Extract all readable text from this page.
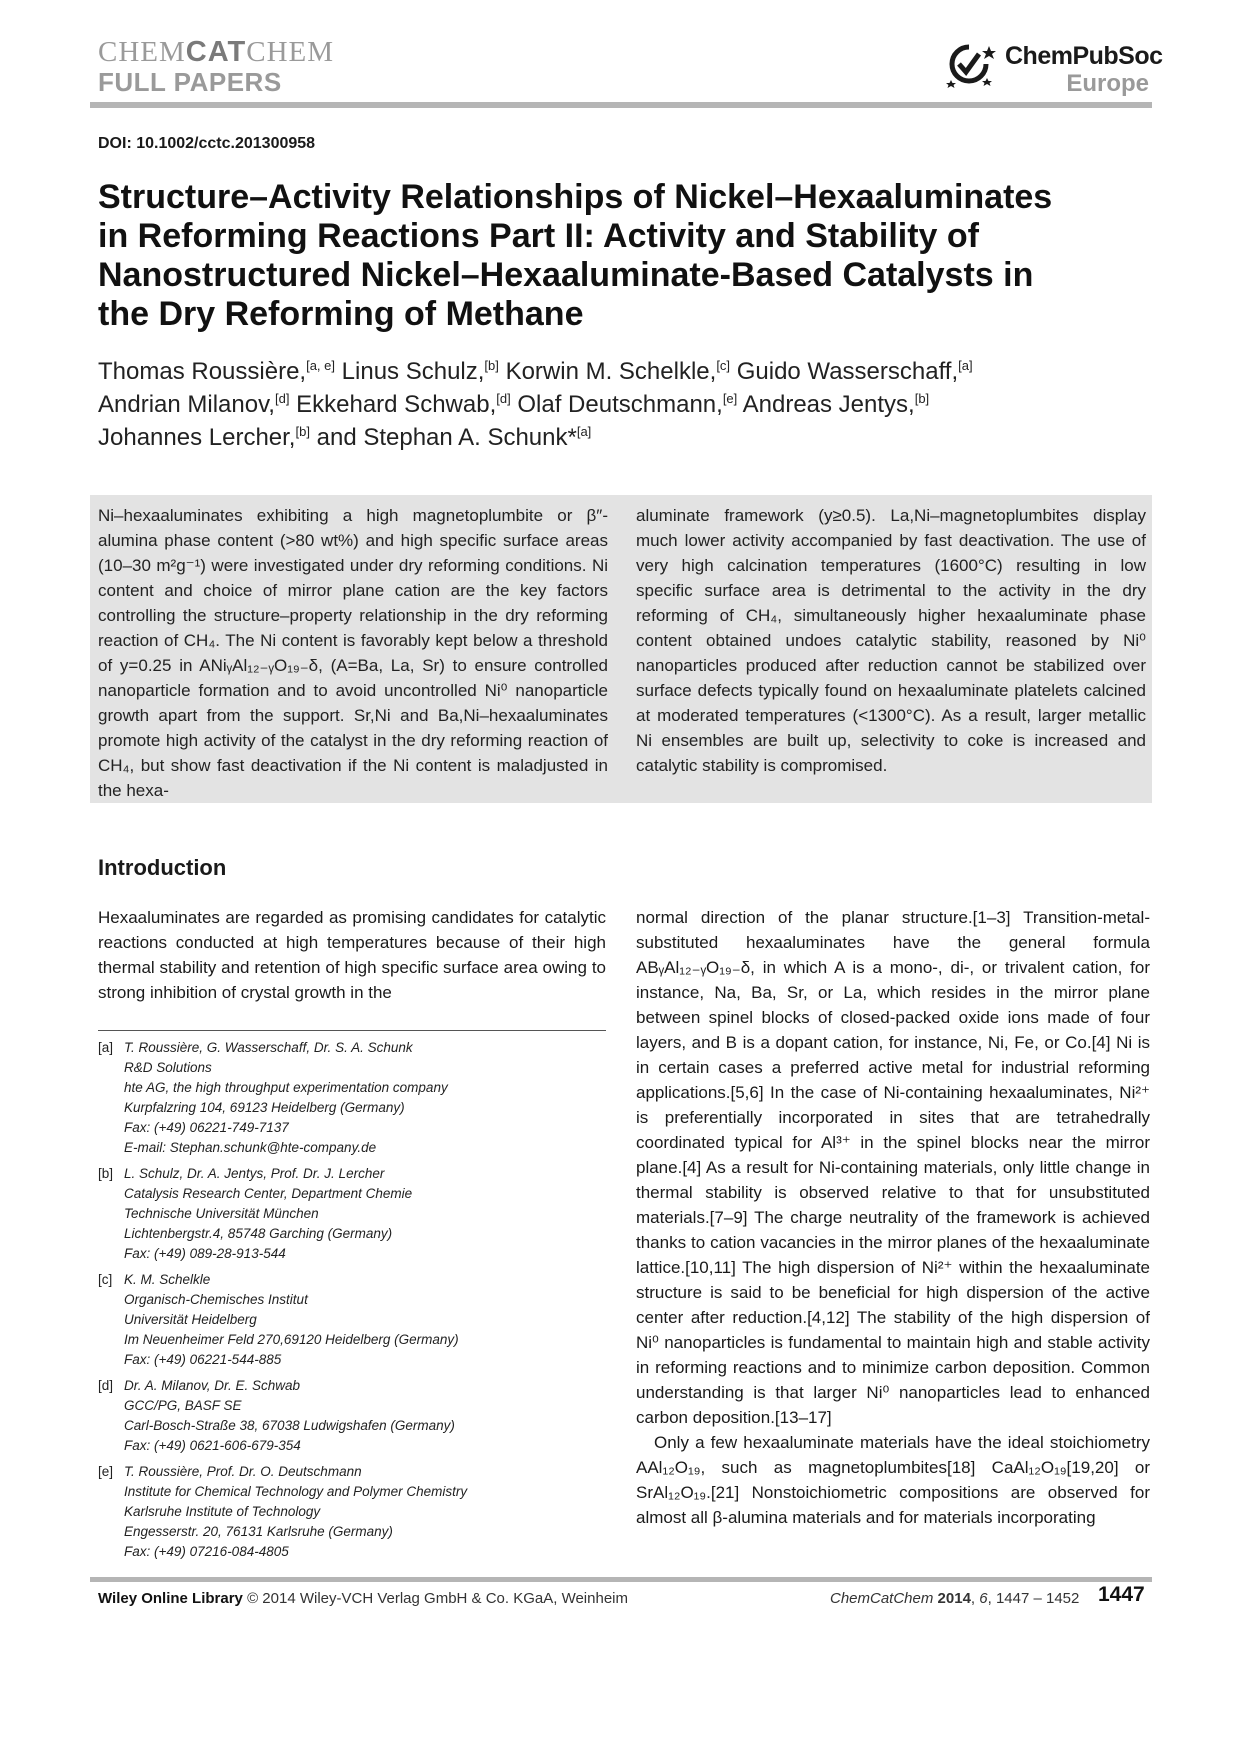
CHEMCATCHEM
FULL PAPERS
ChemPubSoc
Europe
DOI: 10.1002/cctc.201300958
Structure–Activity Relationships of Nickel–Hexaaluminates
in Reforming Reactions Part II: Activity and Stability of
Nanostructured Nickel–Hexaaluminate-Based Catalysts in
the Dry Reforming of Methane
Thomas Roussière,[a, e] Linus Schulz,[b] Korwin M. Schelkle,[c] Guido Wasserschaff,[a]
Andrian Milanov,[d] Ekkehard Schwab,[d] Olaf Deutschmann,[e] Andreas Jentys,[b]
Johannes Lercher,[b] and Stephan A. Schunk*[a]

Ni–hexaaluminates exhibiting a high magnetoplumbite or β″-alumina phase content (>80 wt%) and high specific surface areas (10–30 m²g⁻¹) were investigated under dry reforming conditions. Ni content and choice of mirror plane cation are the key factors controlling the structure–property relationship in the dry reforming reaction of CH₄. The Ni content is favorably kept below a threshold of y=0.25 in ANiᵧAl₁₂₋ᵧO₁₉₋δ, (A=Ba, La, Sr) to ensure controlled nanoparticle formation and to avoid uncontrolled Ni⁰ nanoparticle growth apart from the support. Sr,Ni and Ba,Ni–hexaaluminates promote high activity of the catalyst in the dry reforming reaction of CH₄, but show fast deactivation if the Ni content is maladjusted in the hexa-

aluminate framework (y≥0.5). La,Ni–magnetoplumbites display much lower activity accompanied by fast deactivation. The use of very high calcination temperatures (1600°C) resulting in low specific surface area is detrimental to the activity in the dry reforming of CH₄, simultaneously higher hexaaluminate phase content obtained undoes catalytic stability, reasoned by Ni⁰ nanoparticles produced after reduction cannot be stabilized over surface defects typically found on hexaaluminate platelets calcined at moderated temperatures (<1300°C). As a result, larger metallic Ni ensembles are built up, selectivity to coke is increased and catalytic stability is compromised.

Introduction

Hexaaluminates are regarded as promising candidates for catalytic reactions conducted at high temperatures because of their high thermal stability and retention of high specific surface area owing to strong inhibition of crystal growth in the

[a] T. Roussière, G. Wasserschaff, Dr. S. A. Schunk
R&D Solutions
hte AG, the high throughput experimentation company
Kurpfalzring 104, 69123 Heidelberg (Germany)
Fax: (+49) 06221-749-7137
E-mail: Stephan.schunk@hte-company.de
[b] L. Schulz, Dr. A. Jentys, Prof. Dr. J. Lercher
Catalysis Research Center, Department Chemie
Technische Universität München
Lichtenbergstr.4, 85748 Garching (Germany)
Fax: (+49) 089-28-913-544
[c] K. M. Schelkle
Organisch-Chemisches Institut
Universität Heidelberg
Im Neuenheimer Feld 270,69120 Heidelberg (Germany)
Fax: (+49) 06221-544-885
[d] Dr. A. Milanov, Dr. E. Schwab
GCC/PG, BASF SE
Carl-Bosch-Straße 38, 67038 Ludwigshafen (Germany)
Fax: (+49) 0621-606-679-354
[e] T. Roussière, Prof. Dr. O. Deutschmann
Institute for Chemical Technology and Polymer Chemistry
Karlsruhe Institute of Technology
Engesserstr. 20, 76131 Karlsruhe (Germany)
Fax: (+49) 07216-084-4805

normal direction of the planar structure.[1–3] Transition-metal-substituted hexaaluminates have the general formula ABᵧAl₁₂₋ᵧO₁₉₋δ, in which A is a mono-, di-, or trivalent cation, for instance, Na, Ba, Sr, or La, which resides in the mirror plane between spinel blocks of closed-packed oxide ions made of four layers, and B is a dopant cation, for instance, Ni, Fe, or Co.[4] Ni is in certain cases a preferred active metal for industrial reforming applications.[5,6] In the case of Ni-containing hexaaluminates, Ni²⁺ is preferentially incorporated in sites that are tetrahedrally coordinated typical for Al³⁺ in the spinel blocks near the mirror plane.[4] As a result for Ni-containing materials, only little change in thermal stability is observed relative to that for unsubstituted materials.[7–9] The charge neutrality of the framework is achieved thanks to cation vacancies in the mirror planes of the hexaaluminate lattice.[10,11] The high dispersion of Ni²⁺ within the hexaaluminate structure is said to be beneficial for high dispersion of the active center after reduction.[4,12] The stability of the high dispersion of Ni⁰ nanoparticles is fundamental to maintain high and stable activity in reforming reactions and to minimize carbon deposition. Common understanding is that larger Ni⁰ nanoparticles lead to enhanced carbon deposition.[13–17]

Only a few hexaaluminate materials have the ideal stoichiometry AAl₁₂O₁₉, such as magnetoplumbites[18] CaAl₁₂O₁₉[19,20] or SrAl₁₂O₁₉.[21] Nonstoichiometric compositions are observed for almost all β-alumina materials and for materials incorporating

Wiley Online Library © 2014 Wiley-VCH Verlag GmbH & Co. KGaA, Weinheim	ChemCatChem 2014, 6, 1447 – 1452 1447
